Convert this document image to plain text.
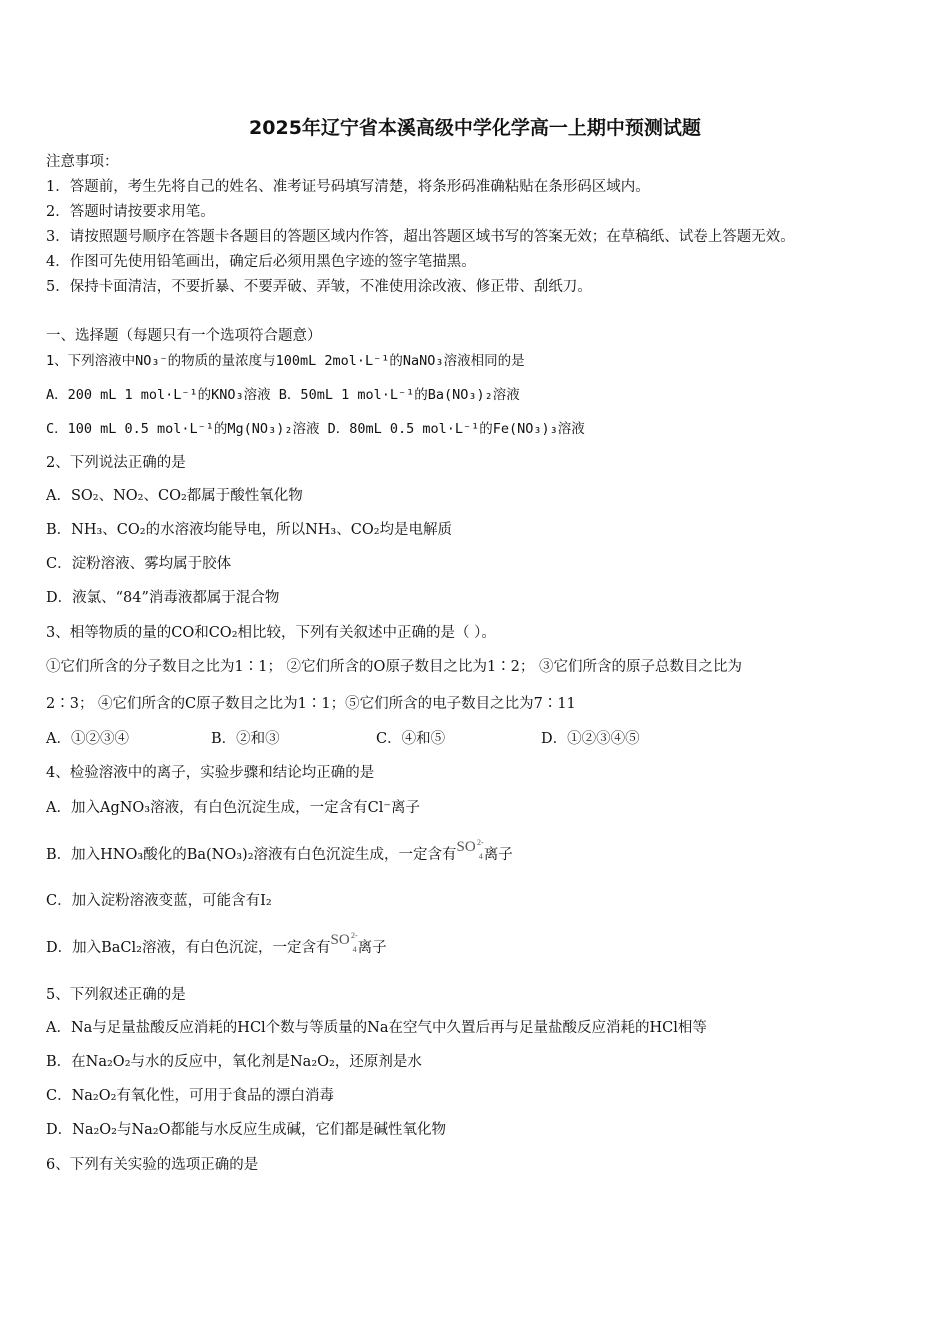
2025年辽宁省本溪高级中学化学高一上期中预测试题
注意事项：
1．答题前，考生先将自己的姓名、准考证号码填写清楚，将条形码准确粘贴在条形码区域内。
2．答题时请按要求用笔。
3．请按照题号顺序在答题卡各题目的答题区域内作答，超出答题区域书写的答案无效；在草稿纸、试卷上答题无效。
4．作图可先使用铅笔画出，确定后必须用黑色字迹的签字笔描黑。
5．保持卡面清洁，不要折暴、不要弄破、弄皱，不准使用涂改液、修正带、刮纸刀。
一、选择题（每题只有一个选项符合题意）
1、下列溶液中NO₃⁻的物质的量浓度与100mL 2mol·L⁻¹的NaNO₃溶液相同的是
A．200 mL 1 mol·L⁻¹的KNO₃溶液 B．50mL 1 mol·L⁻¹的Ba(NO₃)₂溶液
C．100 mL 0.5 mol·L⁻¹的Mg(NO₃)₂溶液 D．80mL 0.5 mol·L⁻¹的Fe(NO₃)₃溶液
2、下列说法正确的是
A．SO₂、NO₂、CO₂都属于酸性氧化物
B．NH₃、CO₂的水溶液均能导电，所以NH₃、CO₂均是电解质
C．淀粉溶液、雾均属于胶体
D．液氯、“84”消毒液都属于混合物
3、相等物质的量的CO和CO₂相比较，下列有关叙述中正确的是（ ）。
①它们所含的分子数目之比为1∶1； ②它们所含的O原子数目之比为1∶2； ③它们所含的原子总数目之比为
2∶3； ④它们所含的C原子数目之比为1∶1；⑤它们所含的电子数目之比为7∶11
A．①②③④	B．②和③	C．④和⑤	D．①②③④⑤
4、检验溶液中的离子，实验步骤和结论均正确的是
A．加入AgNO₃溶液，有白色沉淀生成，一定含有Cl⁻离子
B．加入HNO₃酸化的Ba(NO₃)₂溶液有白色沉淀生成，一定含有SO 2-
4 离子
C．加入淀粉溶液变蓝，可能含有I₂
D．加入BaCl₂溶液，有白色沉淀，一定含有SO 2-
4 离子
5、下列叙述正确的是
A．Na与足量盐酸反应消耗的HCl个数与等质量的Na在空气中久置后再与足量盐酸反应消耗的HCl相等
B．在Na₂O₂与水的反应中，氧化剂是Na₂O₂，还原剂是水
C．Na₂O₂有氧化性，可用于食品的漂白消毒
D．Na₂O₂与Na₂O都能与水反应生成碱，它们都是碱性氧化物
6、下列有关实验的选项正确的是
